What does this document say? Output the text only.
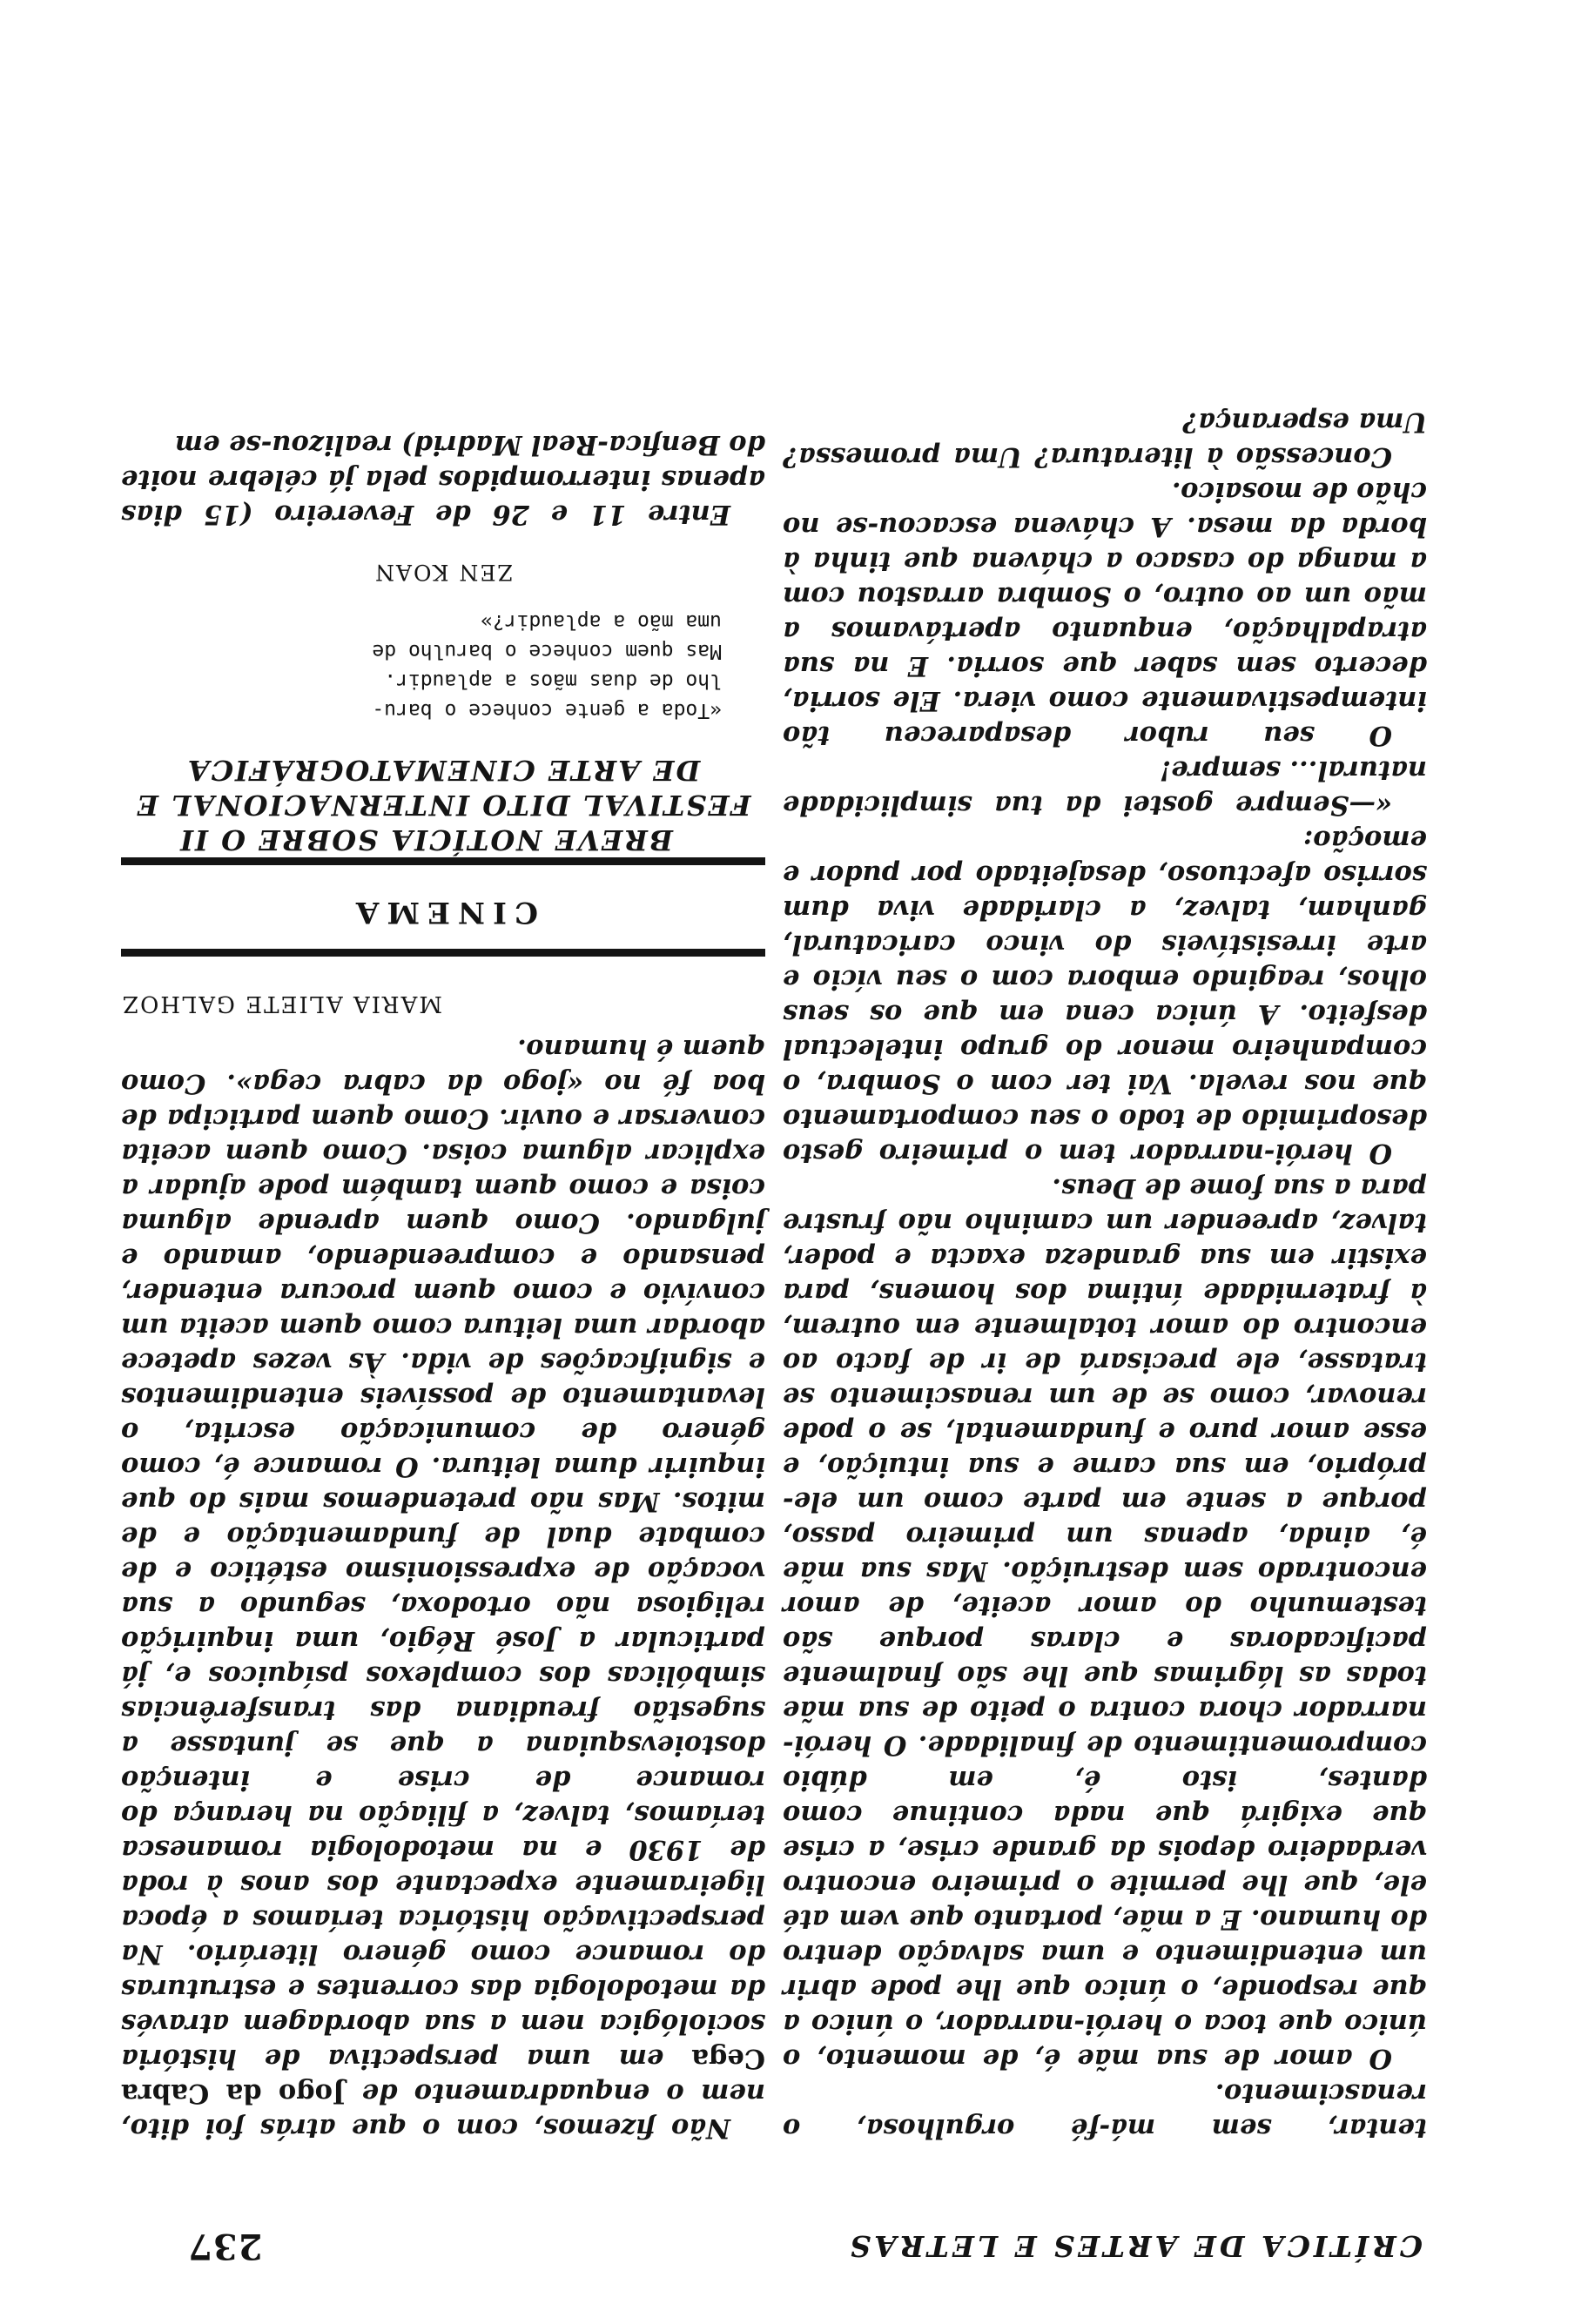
CRÍTICA DE ARTES E LETRAS
237

tentar, sem má-fé orgulhosa, o renascimento.

O amor de sua mãe é, de momento, o único que toca o herói-narrador, o único a que responde, o único que lhe pode abrir um entendimento e uma salvação dentro do humano. E a mãe, portanto que vem até ele, que lhe permite o primeiro encontro verdadeiro depois da grande crise, a crise que exigirá que nada continue como dantes, isto é, em dúbio compromentimento de finalidade. O herói-narrador chora contra o peito de sua mãe todas as lágrimas que lhe são finalmente pacificadoras e claras porque são testemunho do amor aceite, de amor encontrado sem destruição. Mas sua mãe é, ainda, apenas um primeiro passo, porque a sente em parte como um ele-próprio, em sua carne e sua intuição, e esse amor puro e fundamental, se o pode renovar, como se de um renascimento se tratasse, ele precisará de ir de facto ao encontro do amor totalmente em outrem, à fraternidade íntima dos homens, para existir em sua grandeza exacta e poder, talvez, apreender um caminho não frustre para a sua fome de Deus.

O herói-narrador tem o primeiro gesto desoprimido de todo o seu comportamento que nos revela. Vai ter com o Sombra, o companheiro menor do grupo intelectual desfeito. A única cena em que os seus olhos, reagindo embora com o seu vício e arte irresistíveis do vinco caricatural, ganham, talvez, a claridade viva dum sorriso afectuoso, desajeitado por pudor e emoção:

«—Sempre gostei da tua simplicidade natural... sempre!

O seu rubor desapareceu tão intempestivamente como viera. Ele sorria, decerto sem saber que sorria. E na sua atrapalhação, enquanto apertávamos a mão um ao outro, o Sombra arrastou com a manga do casaco a chávena que tinha à borda da mesa. A chávena escacou-se no chão de mosaico.

Concessão à literatura? Uma promessa? Uma esperança?

Não fizemos, com o que atrás foi dito, nem o enquadramento de Jogo da Cabra Cega em uma perspectiva de história sociológica nem a sua abordagem através da metodologia das correntes e estruturas do romance como género literário. Na perspectivação histórica teríamos a época ligeiramente expectante dos anos à roda de 1930 e na metodologia romanesca teríamos, talvez, a filiação na herança do romance de crise e intenção dostoievsquiana a que se juntasse a sugestão freudiana das transferências simbólicas dos complexos psíquicos e, já particular a José Régio, uma inquirição religiosa não ortodoxa, segundo a sua vocação de expressionismo estético e de combate dual de fundamentação e de mitos. Mas não pretendemos mais do que inquirir duma leitura. O romance é, como género de comunicação escrita, o levantamento de possíveis entendimentos e significações de vida. Às vezes apetece abordar uma leitura como quem aceita um convívio e como quem procura entender, pensando e compreendendo, amando e julgando. Como quem aprende alguma coisa e como quem também pode ajudar a explicar alguma coisa. Como quem aceita conversar e ouvir. Como quem participa de boa fé no «jogo da cabra cega». Como quem é humano.

MARIA ALIETE GALHOZ
CINEMA

BREVE NOTÍCIA SOBRE O II FESTIVAL DITO INTERNACIONAL E DE ARTE CINEMATOGRÁFICA

«Toda a gente conhece o baru-
lho de duas mãos a aplaudir.
Mas quem conhece o barulho de
uma mão a aplaudir?»
ZEN KOAN

Entre 11 e 26 de Fevereiro (15 dias apenas interrompidos pela já célebre noite do Benfica-Real Madrid) realizou-se em
